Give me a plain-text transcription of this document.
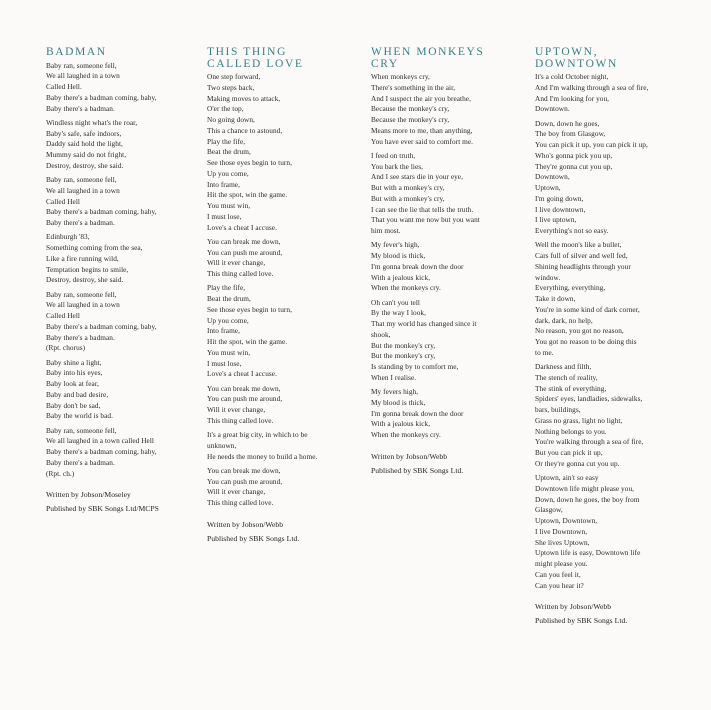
BADMAN
Baby ran, someone fell,
We all laughed in a town
Called Hell.
Baby there's a badman coming, baby,
Baby there's a badman.
Windless night what's the roar,
Baby's safe, safe indoors,
Daddy said hold the light,
Mummy said do not fright,
Destroy, destroy, she said.
Baby ran, someone fell,
We all laughed in a town
Called Hell
Baby there's a badman coming, baby,
Baby there's a badman.
Edinburgh '83,
Something coming from the sea,
Like a fire running wild,
Temptation begins to smile,
Destroy, destroy, she said.
Baby ran, someone fell,
We all laughed in a town
Called Hell
Baby there's a badman coming, baby,
Baby there's a badman.
(Rpt. chorus)
Baby shine a light,
Baby into his eyes,
Baby look at fear,
Baby and bad desire,
Baby don't be sad,
Baby the world is bad.
Baby ran, someone fell,
We all laughed in a town called Hell
Baby there's a badman coming, baby,
Baby there's a badman.
(Rpt. ch.)
Written by Jobson/Moseley
Published by SBK Songs Ltd/MCPS
THIS THING
CALLED LOVE
One step forward,
Two steps back,
Making moves to attack,
O'er the top,
No going down,
This a chance to astound,
Play the fife,
Beat the drum,
See those eyes begin to turn,
Up you come,
Into frame,
Hit the spot, win the game.
You must win,
I must lose,
Love's a cheat I accuse.
You can break me down,
You can push me around,
Will it ever change,
This thing called love.
Play the fife,
Beat the drum,
See those eyes begin to turn,
Up you come,
Into frame,
Hit the spot, win the game.
You must win,
I must lose,
Love's a cheat I accuse.
You can break me down,
You can push me around,
Will it ever change,
This thing called love.
It's a great big city, in which to be
unknown,
He needs the money to build a home.
You can break me down,
You can push me around,
Will it ever change,
This thing called love.
Written by Jobson/Webb
Published by SBK Songs Ltd.
WHEN MONKEYS
CRY
When monkeys cry,
There's something in the air,
And I suspect the air you breathe,
Because the monkey's cry,
Because the monkey's cry,
Means more to me, than anything,
You have ever said to comfort me.
I feed on truth,
You bark the lies,
And I see stars die in your eye,
But with a monkey's cry,
But with a monkey's cry,
I can see the lie that tells the truth.
That you want me now but you want
him most.
My fever's high,
My blood is thick,
I'm gonna break down the door
With a jealous kick,
When the monkeys cry.
Oh can't you tell
By the way I look,
That my world has changed since it
shook,
But the monkey's cry,
But the monkey's cry,
Is standing by to comfort me,
When I realise.
My fevers high,
My blood is thick,
I'm gonna break down the door
With a jealous kick,
When the monkeys cry.
Written by Jobson/Webb
Published by SBK Songs Ltd.
UPTOWN,
DOWNTOWN
It's a cold October night,
And I'm walking through a sea of fire,
And I'm looking for you,
Downtown.
Down, down he goes,
The boy from Glasgow,
You can pick it up, you can pick it up,
Who's gonna pick you up,
They're gonna cut you up,
Downtown,
Uptown,
I'm going down,
I live downtown,
I live uptown,
Everything's not so easy.
Well the moon's like a bullet,
Cars full of silver and well fed,
Shining headlights through your
window.
Everything, everything,
Take it down,
You're in some kind of dark corner,
dark, dark, no help,
No reason, you got no reason,
You got no reason to be doing this
to me.
Darkness and filth,
The stench of reality,
The stink of everything,
Spiders' eyes, landladies, sidewalks,
bars, buildings,
Grass no grass, light no light,
Nothing belongs to you.
You're walking through a sea of fire,
But you can pick it up,
Or they're gonna cut you up.
Uptown, ain't so easy
Downtown life might please you,
Down, down he goes, the boy from
Glasgow,
Uptown, Downtown,
I live Downtown,
She lives Uptown,
Uptown life is easy, Downtown life
might please you.
Can you feel it,
Can you hear it?
Written by Jobson/Webb
Published by SBK Songs Ltd.
